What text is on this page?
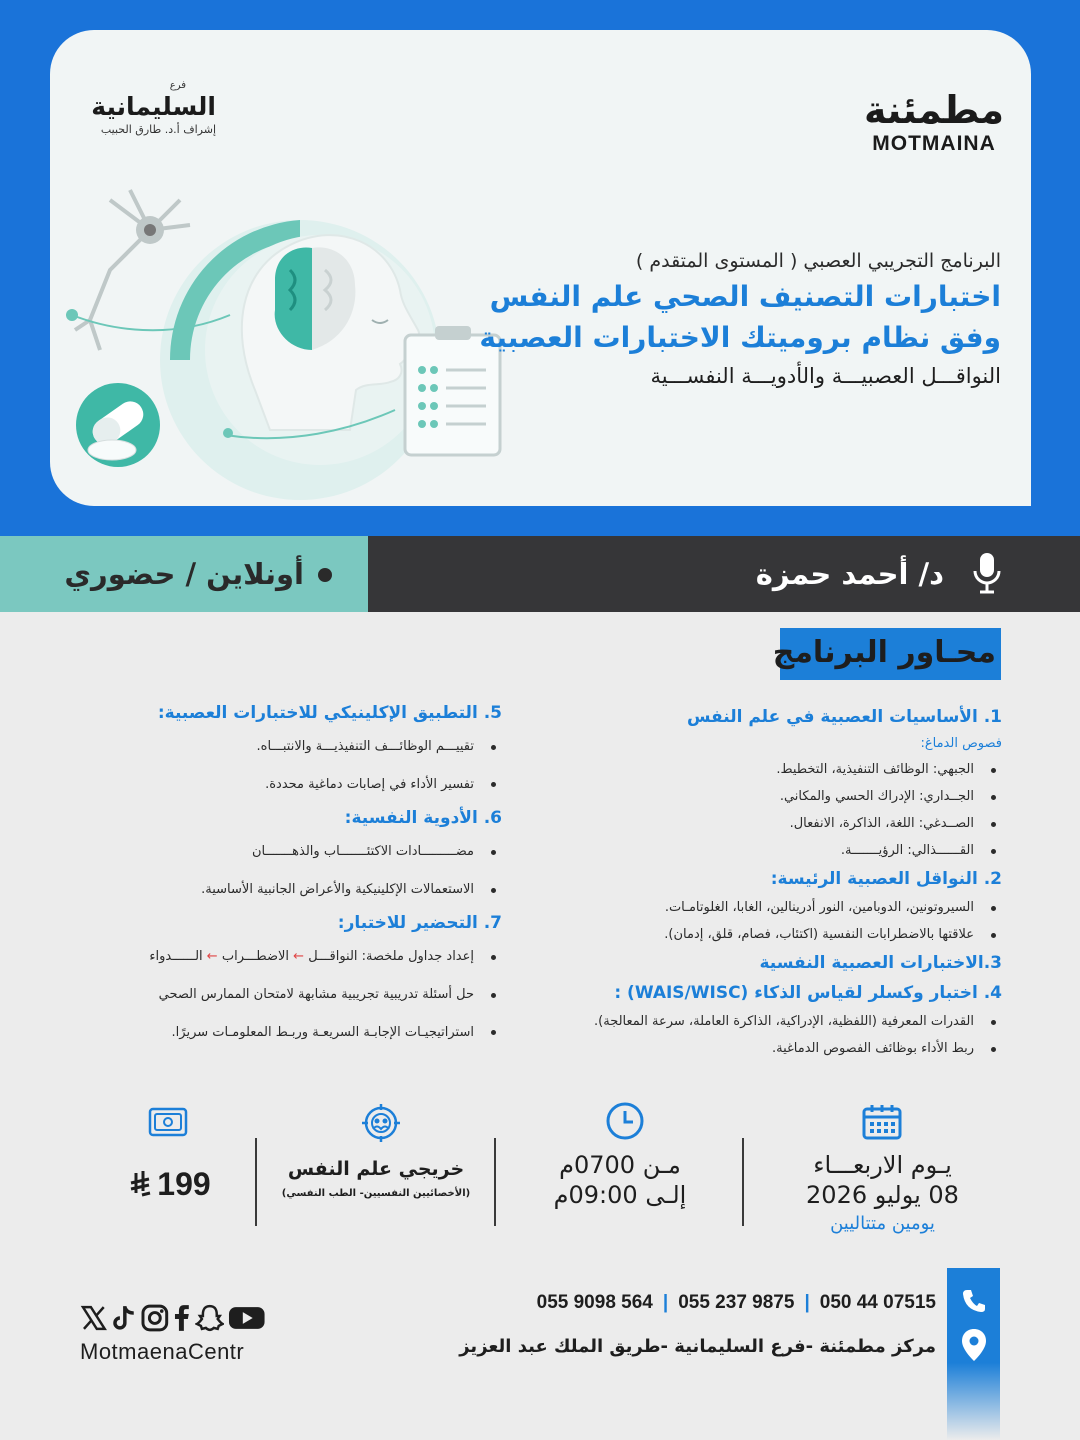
مطمئنة
MOTMAINA
فرع
السليمانية
إشراف أ.د. طارق الحبيب
البرنامج التجريبي العصبي ( المستوى المتقدم )
اختبارات التصنيف الصحي علم النفس
وفق نظام بروميتك الاختبارات العصبية
النواقـــل العصبيـــة والأدويـــة النفســـية
د/ أحمد حمزة
أونلاين / حضوري
محـاور البرنامج
1. الأساسيات العصبية في علم النفس
فصوص الدماغ:
الجبهي: الوظائف التنفيذية، التخطيط.
الجــداري: الإدراك الحسي والمكاني.
الصــدغي: اللغة، الذاكرة، الانفعال.
القــــــذالي: الرؤيـــــــة.
2. النواقل العصبية الرئيسة:
السيروتونين، الدوبامين، النور أدرينالين، الغابا، الغلوتامـات.
علاقتها بالاضطرابات النفسية (اكتئاب، فصام، قلق، إدمان).
3.الاختبارات العصبية النفسية
4. اختبار وكسلر لقياس الذكاء (WAIS/WISC) :
القدرات المعرفية (اللفظية، الإدراكية، الذاكرة العاملة، سرعة المعالجة).
ربط الأداء بوظائف الفصوص الدماغية.
5. التطبيق الإكلينيكي للاختبارات العصبية:
تقييـــم الوظائـــف التنفيذيـــة والانتبـــاه.
تفسير الأداء في إصابات دماغية محددة.
6. الأدوية النفسية:
مضـــــــــادات الاكتئـــــــاب والذهـــــــان
الاستعمالات الإكلينيكية والأعراض الجانبية الأساسية.
7. التحضير للاختبار:
إعداد جداول ملخصة: النواقـــل ← الاضطـــراب ← الــــــدواء
حل أسئلة تدريبية تجريبية مشابهة لامتحان الممارس الصحي
استراتيجيـات الإجابـة السريعـة وربـط المعلومـات سريرًا.
يـوم الاربعـــاء
08 يوليو 2026
يومين متتاليين
مـن 0700م
إلـى 09:00م
خريجي علم النفس
(الأخصائيين النفسيين- الطب النفسي)
199
055 9098 564 | 055 237 9875 | 050 44 07515
مركز مطمئنة -فرع السليمانية -طريق الملك عبد العزيز
MotmaenaCentr
